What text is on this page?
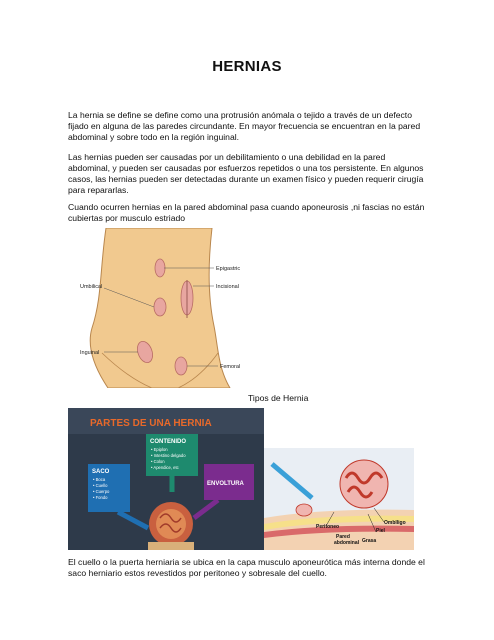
HERNIAS

La hernia se define se define como una protrusión anómala o tejido a través de un defecto fijado en alguna de las paredes circundante. En mayor frecuencia se encuentran en la pared abdominal y sobre todo en la región inguinal.

Las hernias pueden ser causadas por un debilitamiento o una debilidad en la pared abdominal, y pueden ser causadas por esfuerzos repetidos o una tos persistente. En algunos casos, las hernias pueden ser detectadas durante un examen físico y pueden requerir cirugía para repararlas.

Cuando ocurren hernias en la pared abdominal pasa cuando aponeurosis ,ni fascias no están cubiertas por musculo estriado

Epigastric
Incisional
Umbilical
Inguinal
Femoral
Tipos de Hernia
PARTES DE UNA HERNIA
CONTENIDO
• Epiplon
• Intestino delgado
• Colon
• Apendice, etc
SACO
• Boca
• Cuello
• Cuerpo
• Fondo
ENVOLTURA
Omblligo
Piel
Peritoneo
Pared
abdominal Grasa

El cuello o la puerta herniaria se ubica en la capa musculo aponeurótica más interna donde el saco herniario estos revestidos por peritoneo y sobresale del cuello.
